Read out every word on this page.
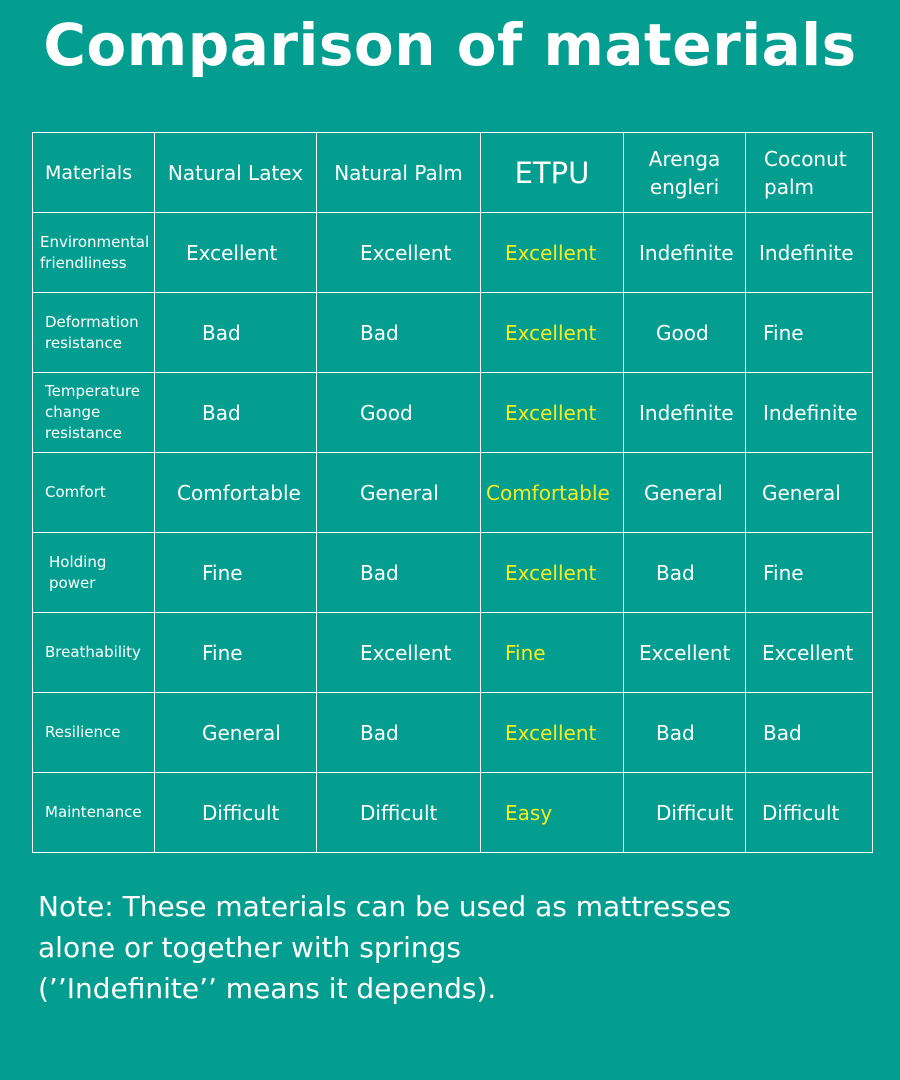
Comparison of materials
Materials	Natural Latex	Natural Palm	ETPU	Arenga engleri	Coconut palm
Environmental friendliness	Excellent	Excellent	Excellent	Indefinite	Indefinite
Deformation resistance	Bad	Bad	Excellent	Good	Fine
Temperature change resistance	Bad	Good	Excellent	Indefinite	Indefinite
Comfort	Comfortable	General	Comfortable	General	General
Holding power	Fine	Bad	Excellent	Bad	Fine
Breathability	Fine	Excellent	Fine	Excellent	Excellent
Resilience	General	Bad	Excellent	Bad	Bad
Maintenance	Difficult	Difficult	Easy	Difficult	Difficult
Note: These materials can be used as mattresses
alone or together with springs
(’’Indefinite’’ means it depends).
